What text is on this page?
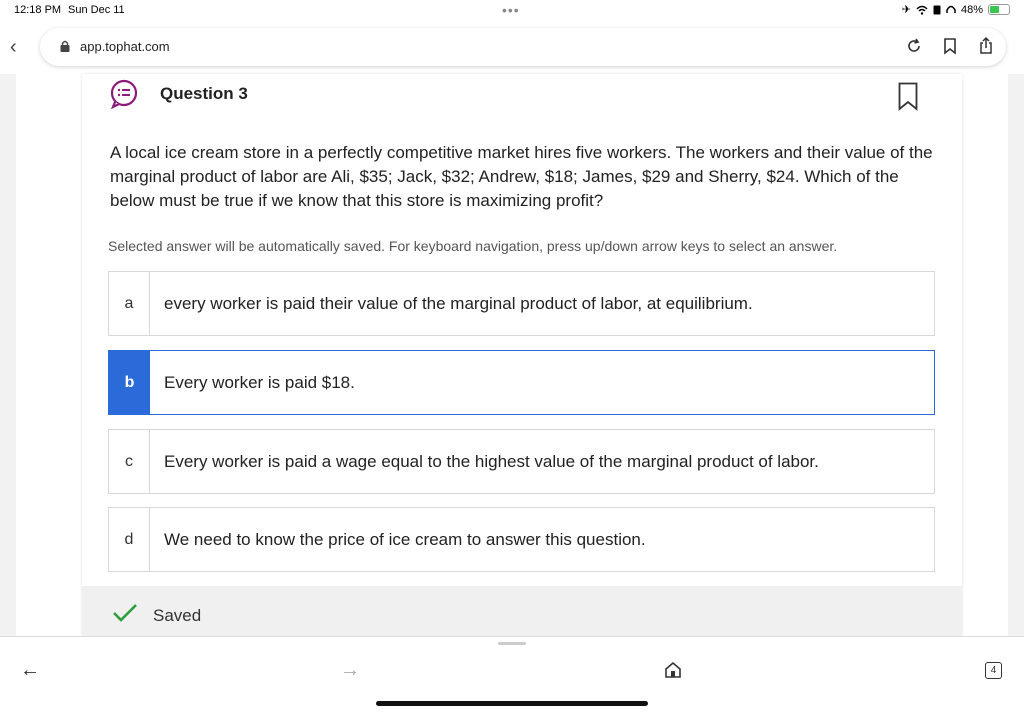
12:18 PM Sun Dec 11	•••	✈	48%
‹	app.tophat.com
Question 3

A local ice cream store in a perfectly competitive market hires five workers. The workers and their value of the marginal product of labor are Ali, $35; Jack, $32; Andrew, $18; James, $29 and Sherry, $24. Which of the below must be true if we know that this store is maximizing profit?

Selected answer will be automatically saved. For keyboard navigation, press up/down arrow keys to select an answer.

a	every worker is paid their value of the marginal product of labor, at equilibrium.
b	Every worker is paid $18.
c	Every worker is paid a wage equal to the highest value of the marginal product of labor.
d	We need to know the price of ice cream to answer this question.
Saved
←	→	4
